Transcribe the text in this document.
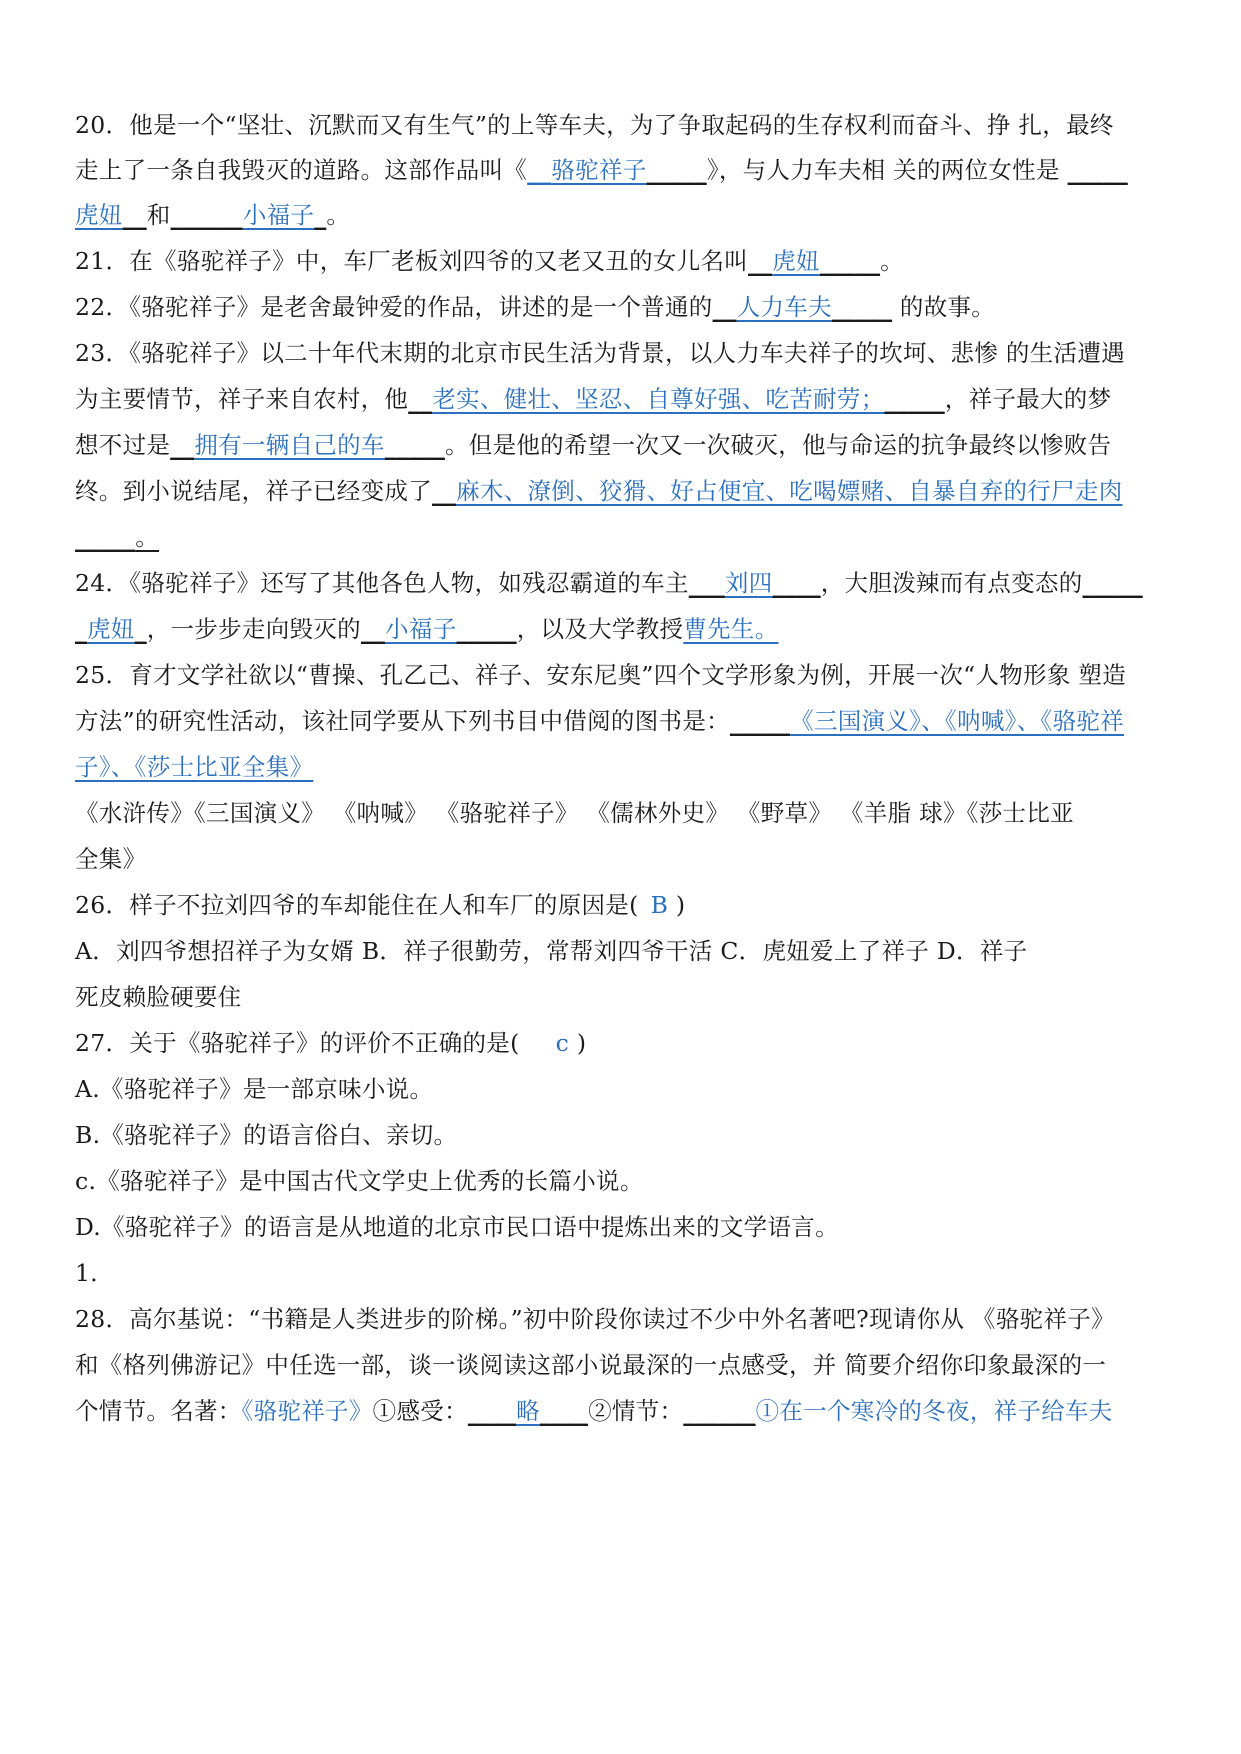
20．他是一个“坚壮、沉默而又有生气”的上等车夫，为了争取起码的生存权利而奋斗、挣 扎，最终
走上了一条自我毁灭的道路。这部作品叫《__骆驼祥子_____》，与人力车夫相 关的两位女性是 _____
虎妞__和______小福子_。
21．在《骆驼祥子》中，车厂老板刘四爷的又老又丑的女儿名叫__虎妞_____。
22．《骆驼祥子》是老舍最钟爱的作品，讲述的是一个普通的__人力车夫_____ 的故事。
23．《骆驼祥子》以二十年代末期的北京市民生活为背景，以人力车夫祥子的坎坷、悲惨 的生活遭遇
为主要情节，祥子来自农村，他__老实、健壮、坚忍、自尊好强、吃苦耐劳；_____，祥子最大的梦
想不过是__拥有一辆自己的车_____。但是他的希望一次又一次破灭，他与命运的抗争最终以惨败告
终。到小说结尾，祥子已经变成了__麻木、潦倒、狡猾、好占便宜、吃喝嫖赌、自暴自弃的行尸走肉
_____。
24．《骆驼祥子》还写了其他各色人物，如残忍霸道的车主___刘四____，大胆泼辣而有点变态的_____
_虎妞_，一步步走向毁灭的__小福子_____，以及大学教授曹先生。
25．育才文学社欲以“曹操、孔乙己、祥子、安东尼奥”四个文学形象为例，开展一次“人物形象 塑造
方法”的研究性活动，该社同学要从下列书目中借阅的图书是：_____《三国演义》、《呐喊》、《骆驼祥
子》、《莎士比亚全集》
《水浒传》《三国演义》 《呐喊》 《骆驼祥子》 《儒林外史》 《野草》 《羊脂 球》《莎士比亚
全集》
26．样子不拉刘四爷的车却能住在人和车厂的原因是( B )
A．刘四爷想招祥子为女婿 B．祥子很勤劳，常帮刘四爷干活 C．虎妞爱上了祥子 D．祥子
死皮赖脸硬要住
27．关于《骆驼祥子》的评价不正确的是( c )
A.《骆驼祥子》是一部京味小说。
B.《骆驼祥子》的语言俗白、亲切。
c.《骆驼祥子》是中国古代文学史上优秀的长篇小说。
D.《骆驼祥子》的语言是从地道的北京市民口语中提炼出来的文学语言。
1．
28．高尔基说：“书籍是人类进步的阶梯。”初中阶段你读过不少中外名著吧?现请你从 《骆驼祥子》
和《格列佛游记》中任选一部，谈一谈阅读这部小说最深的一点感受，并 简要介绍你印象最深的一
个情节。名著：《骆驼祥子》①感受：____略____②情节：______①在一个寒冷的冬夜，祥子给车夫
